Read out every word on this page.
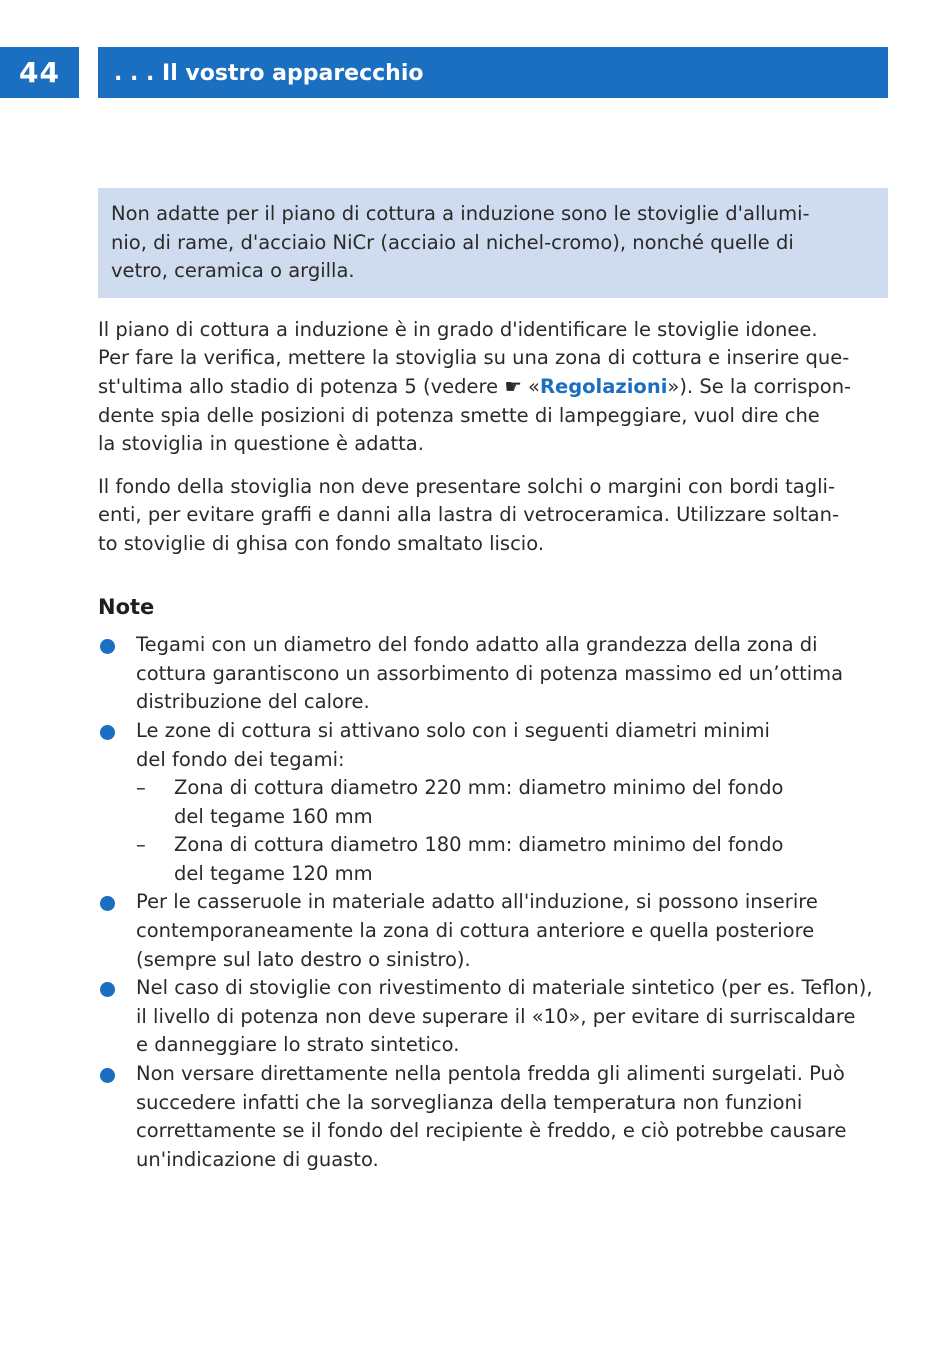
44	. . . Il vostro apparecchio
Non adatte per il piano di cottura a induzione sono le stoviglie d'allumi-
nio, di rame, d'acciaio NiCr (acciaio al nichel-cromo), nonché quelle di
vetro, ceramica o argilla.
Il piano di cottura a induzione è in grado d'identificare le stoviglie idonee.
Per fare la verifica, mettere la stoviglia su una zona di cottura e inserire que-
st'ultima allo stadio di potenza 5 (vedere ☛ «Regolazioni»). Se la corrispon-
dente spia delle posizioni di potenza smette di lampeggiare, vuol dire che
la stoviglia in questione è adatta.
Il fondo della stoviglia non deve presentare solchi o margini con bordi tagli-
enti, per evitare graffi e danni alla lastra di vetroceramica. Utilizzare soltan-
to stoviglie di ghisa con fondo smaltato liscio.
Note
Tegami con un diametro del fondo adatto alla grandezza della zona di
cottura garantiscono un assorbimento di potenza massimo ed un’ottima
distribuzione del calore.
Le zone di cottura si attivano solo con i seguenti diametri minimi
del fondo dei tegami:
– Zona di cottura diametro 220 mm: diametro minimo del fondo
del tegame 160 mm
– Zona di cottura diametro 180 mm: diametro minimo del fondo
del tegame 120 mm
Per le casseruole in materiale adatto all'induzione, si possono inserire
contemporaneamente la zona di cottura anteriore e quella posteriore
(sempre sul lato destro o sinistro).
Nel caso di stoviglie con rivestimento di materiale sintetico (per es. Teflon),
il livello di potenza non deve superare il «10», per evitare di surriscaldare
e danneggiare lo strato sintetico.
Non versare direttamente nella pentola fredda gli alimenti surgelati. Può
succedere infatti che la sorveglianza della temperatura non funzioni
correttamente se il fondo del recipiente è freddo, e ciò potrebbe causare
un'indicazione di guasto.
